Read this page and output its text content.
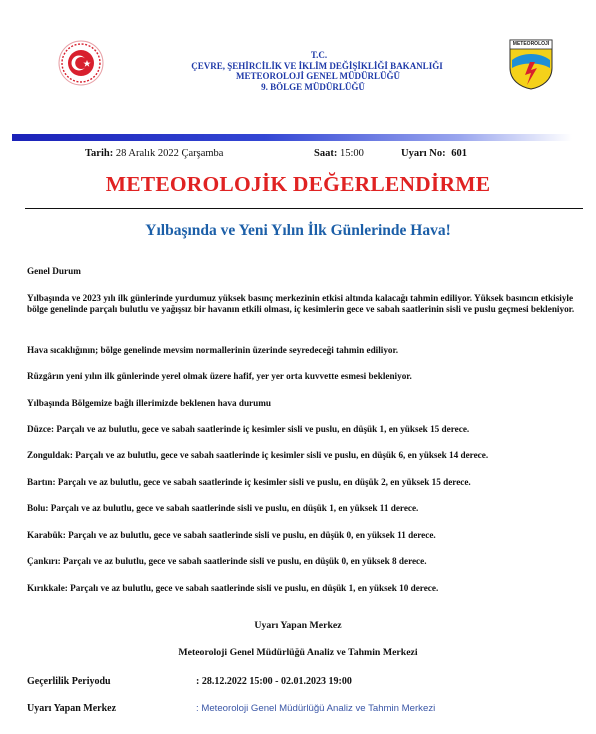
T.C.
ÇEVRE, ŞEHİRCİLİK VE İKLİM DEĞİŞİKLİĞİ BAKANLIĞI
METEOROLOJİ GENEL MÜDÜRLÜĞÜ
9. BÖLGE MÜDÜRLÜĞÜ
METEOROLOJİ
Tarih: 28 Aralık 2022 Çarşamba	Saat: 15:00	Uyarı No: 601
METEOROLOJİK DEĞERLENDİRME
Yılbaşında ve Yeni Yılın İlk Günlerinde Hava!
Genel Durum
Yılbaşında ve 2023 yılı ilk günlerinde yurdumuz yüksek basınç merkezinin etkisi altında kalacağı tahmin ediliyor. Yüksek basıncın etkisiyle bölge genelinde parçalı bulutlu ve yağışsız bir havanın etkili olması, iç kesimlerin gece ve sabah saatlerinin sisli ve puslu geçmesi bekleniyor.
Hava sıcaklığının; bölge genelinde mevsim normallerinin üzerinde seyredeceği tahmin ediliyor.
Rüzgârın yeni yılın ilk günlerinde yerel olmak üzere hafif, yer yer orta kuvvette esmesi bekleniyor.
Yılbaşında Bölgemize bağlı illerimizde beklenen hava durumu
Düzce: Parçalı ve az bulutlu, gece ve sabah saatlerinde iç kesimler sisli ve puslu, en düşük 1, en yüksek 15 derece.
Zonguldak: Parçalı ve az bulutlu, gece ve sabah saatlerinde iç kesimler sisli ve puslu, en düşük 6, en yüksek 14 derece.
Bartın: Parçalı ve az bulutlu, gece ve sabah saatlerinde iç kesimler sisli ve puslu, en düşük 2, en yüksek 15 derece.
Bolu: Parçalı ve az bulutlu, gece ve sabah saatlerinde sisli ve puslu, en düşük 1, en yüksek 11 derece.
Karabük: Parçalı ve az bulutlu, gece ve sabah saatlerinde sisli ve puslu, en düşük 0, en yüksek 11 derece.
Çankırı: Parçalı ve az bulutlu, gece ve sabah saatlerinde sisli ve puslu, en düşük 0, en yüksek 8 derece.
Kırıkkale: Parçalı ve az bulutlu, gece ve sabah saatlerinde sisli ve puslu, en düşük 1, en yüksek 10 derece.
Uyarı Yapan Merkez
Meteoroloji Genel Müdürlüğü Analiz ve Tahmin Merkezi
Geçerlilik Periyodu	: 28.12.2022 15:00 - 02.01.2023 19:00
Uyarı Yapan Merkez	: Meteoroloji Genel Müdürlüğü Analiz ve Tahmin Merkezi
